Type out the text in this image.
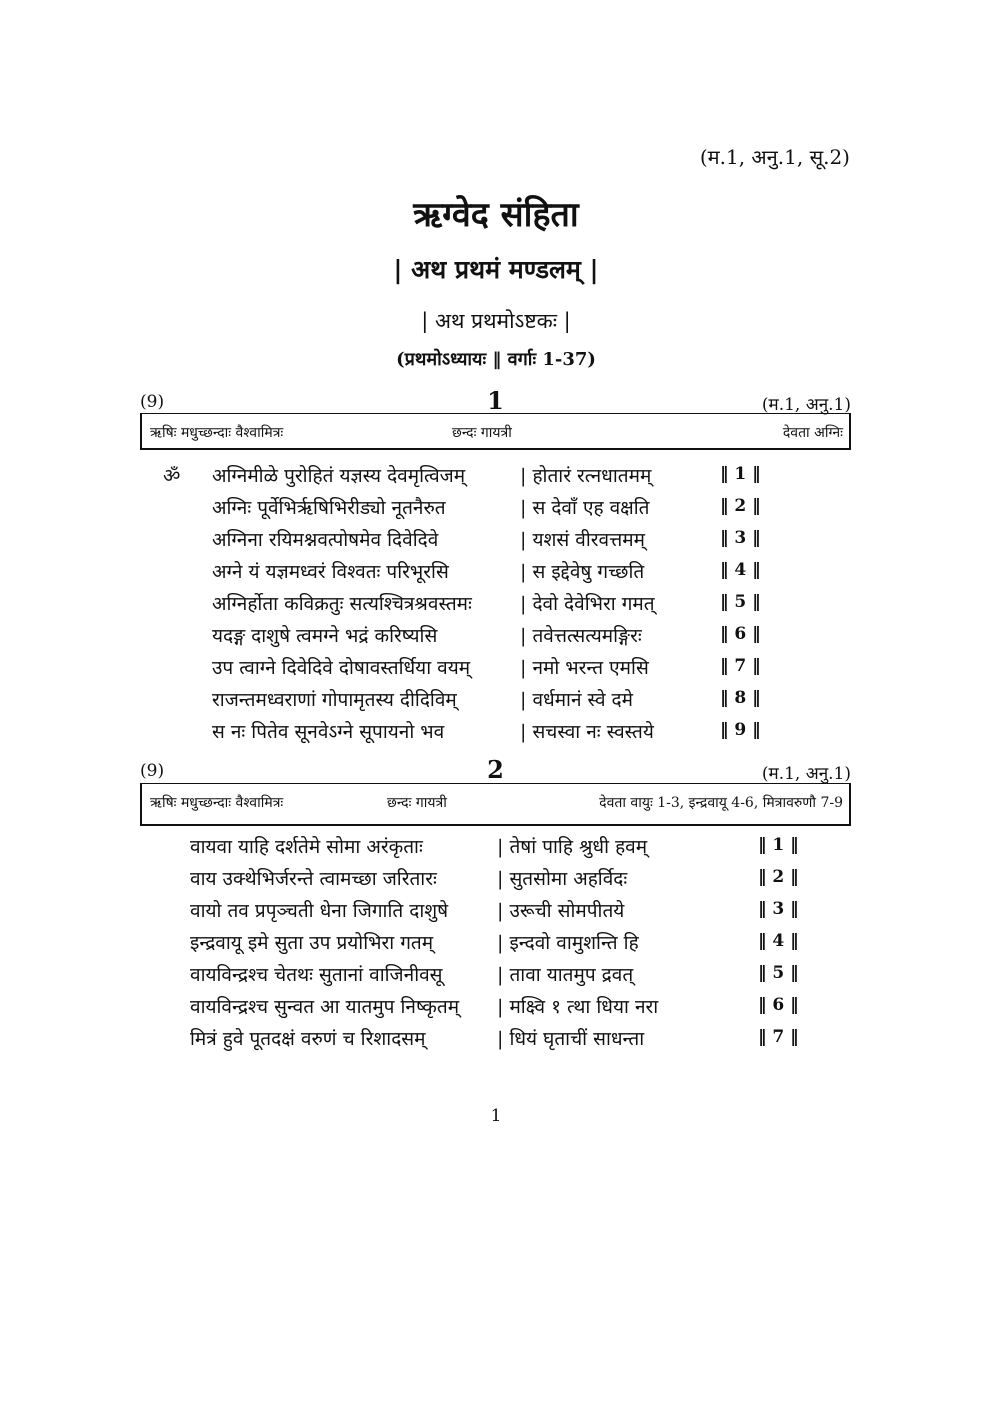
(म.1, अनु.1, सू.2)
ऋग्वेद संहिता
| अथ प्रथमं मण्डलम् |
| अथ प्रथमोऽष्टकः |
(प्रथमोऽध्यायः ‖ वर्गाः 1-37)
1
(9)	(म.1, अनु.1)
ऋषिः मधुच्छन्दाः वैश्वामित्रः	छन्दः गायत्री	देवता अग्निः
ॐ अग्निमीळे पुरोहितं यज्ञस्य देवमृत्विजम्	| होतारं रत्नधातमम्	‖ 1 ‖
अग्निः पूर्वेभिर्ऋषिभिरीड्यो नूतनैरुत	| स देवाँ एह वक्षति	‖ 2 ‖
अग्निना रयिमश्नवत्पोषमेव दिवेदिवे	| यशसं वीरवत्तमम्	‖ 3 ‖
अग्ने यं यज्ञमध्वरं विश्वतः परिभूरसि	| स इद्देवेषु गच्छति	‖ 4 ‖
अग्निर्होता कविक्रतुः सत्यश्चित्रश्रवस्तमः	| देवो देवेभिरा गमत्	‖ 5 ‖
यदङ्ग दाशुषे त्वमग्ने भद्रं करिष्यसि	| तवेत्तत्सत्यमङ्गिरः	‖ 6 ‖
उप त्वाग्ने दिवेदिवे दोषावस्तर्धिया वयम्	| नमो भरन्त एमसि	‖ 7 ‖
राजन्तमध्वराणां गोपामृतस्य दीदिविम्	| वर्धमानं स्वे दमे	‖ 8 ‖
स नः पितेव सूनवेऽग्ने सूपायनो भव	| सचस्वा नः स्वस्तये	‖ 9 ‖
2
(9)	(म.1, अनु.1)
ऋषिः मधुच्छन्दाः वैश्वामित्रः	छन्दः गायत्री	देवता वायुः 1-3, इन्द्रवायू 4-6, मित्रावरुणौ 7-9
वायवा याहि दर्शतेमे सोमा अरंकृताः	| तेषां पाहि श्रुधी हवम्	‖ 1 ‖
वाय उक्थेभिर्जरन्ते त्वामच्छा जरितारः	| सुतसोमा अहर्विदः	‖ 2 ‖
वायो तव प्रपृञ्चती धेना जिगाति दाशुषे	| उरूची सोमपीतये	‖ 3 ‖
इन्द्रवायू इमे सुता उप प्रयोभिरा गतम्	| इन्दवो वामुशन्ति हि	‖ 4 ‖
वायविन्द्रश्च चेतथः सुतानां वाजिनीवसू	| तावा यातमुप द्रवत्	‖ 5 ‖
वायविन्द्रश्च सुन्वत आ यातमुप निष्कृतम् | मक्ष्वि १ त्था धिया नरा	‖ 6 ‖
मित्रं हुवे पूतदक्षं वरुणं च रिशादसम्	| धियं घृताचीं साधन्ता	‖ 7 ‖
1
